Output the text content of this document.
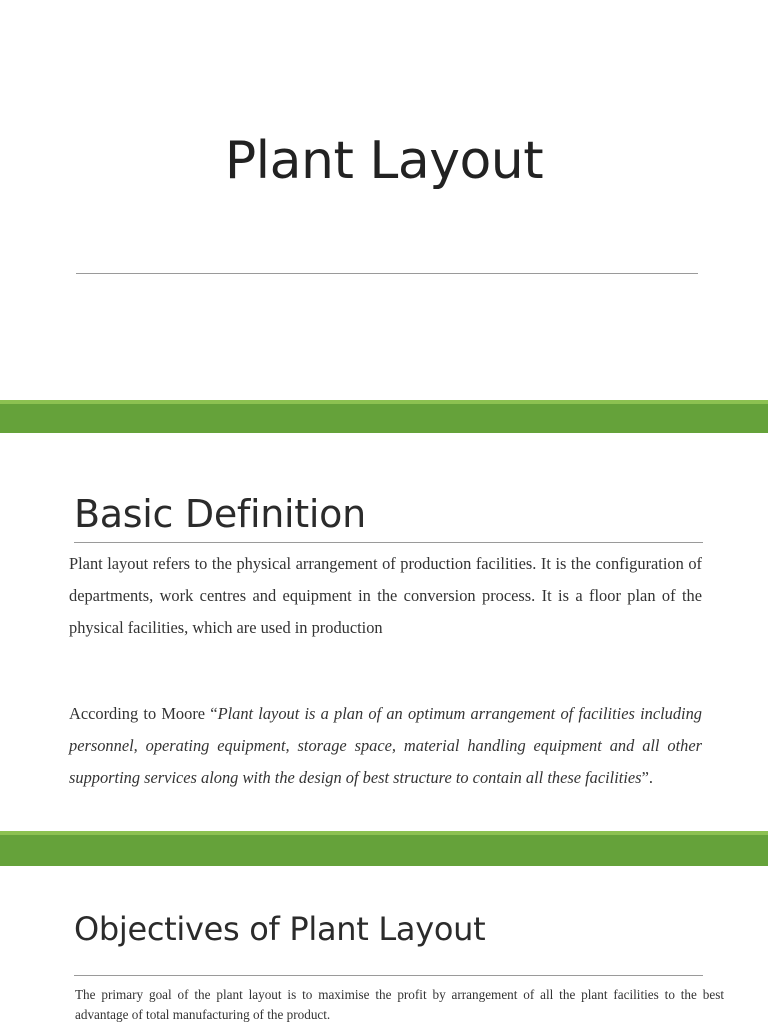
Plant Layout
Basic Definition

Plant layout refers to the physical arrangement of production facilities. It is the configuration of departments, work centres and equipment in the conversion process. It is a floor plan of the physical facilities, which are used in production

According to Moore “Plant layout is a plan of an optimum arrangement of facilities including personnel, operating equipment, storage space, material handling equipment and all other supporting services along with the design of best structure to contain all these facilities”.

Objectives of Plant Layout

The primary goal of the plant layout is to maximise the profit by arrangement of all the plant facilities to the best advantage of total manufacturing of the product.
